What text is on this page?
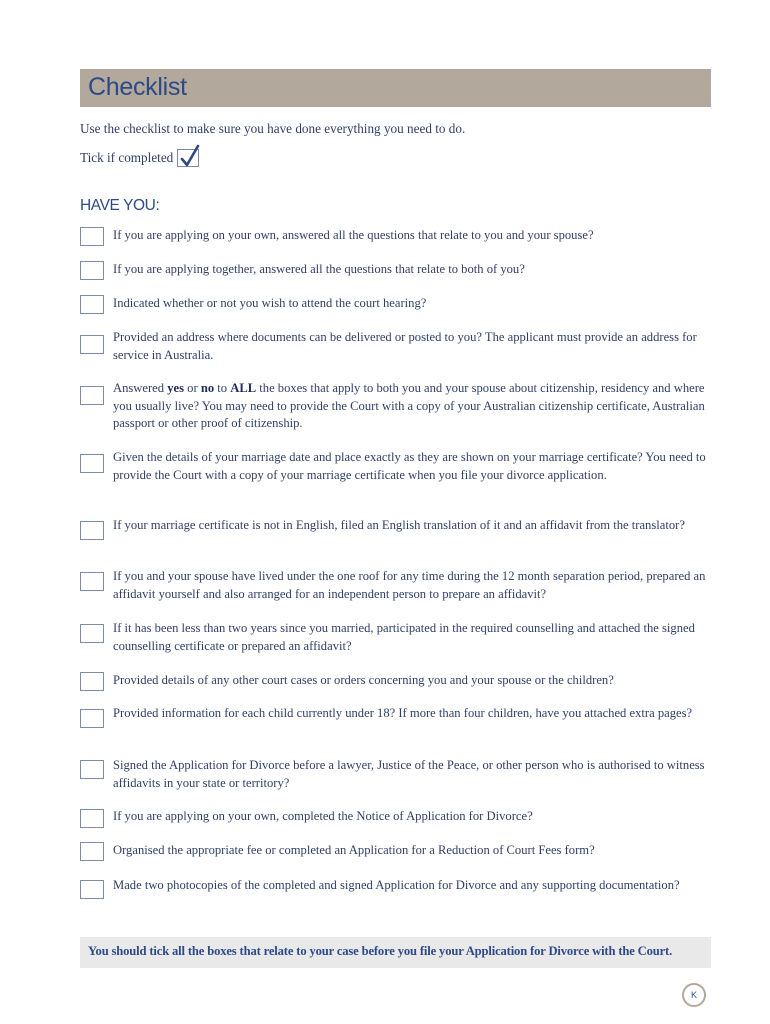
Checklist
Use the checklist to make sure you have done everything you need to do.
Tick if completed
HAVE YOU:
If you are applying on your own, answered all the questions that relate to you and your spouse?
If you are applying together, answered all the questions that relate to both of you?
Indicated whether or not you wish to attend the court hearing?
Provided an address where documents can be delivered or posted to you? The applicant must provide an address for service in Australia.
Answered yes or no to ALL the boxes that apply to both you and your spouse about citizenship, residency and where you usually live? You may need to provide the Court with a copy of your Australian citizenship certificate, Australian passport or other proof of citizenship.
Given the details of your marriage date and place exactly as they are shown on your marriage certificate? You need to provide the Court with a copy of your marriage certificate when you file your divorce application.
If your marriage certificate is not in English, filed an English translation of it and an affidavit from the translator?
If you and your spouse have lived under the one roof for any time during the 12 month separation period, prepared an affidavit yourself and also arranged for an independent person to prepare an affidavit?
If it has been less than two years since you married, participated in the required counselling and attached the signed counselling certificate or prepared an affidavit?
Provided details of any other court cases or orders concerning you and your spouse or the children?
Provided information for each child currently under 18? If more than four children, have you attached extra pages?
Signed the Application for Divorce before a lawyer, Justice of the Peace, or other person who is authorised to witness affidavits in your state or territory?
If you are applying on your own, completed the Notice of Application for Divorce?
Organised the appropriate fee or completed an Application for a Reduction of Court Fees form?
Made two photocopies of the completed and signed Application for Divorce and any supporting documentation?

You should tick all the boxes that relate to your case before you file your Application for Divorce with the Court.

K
